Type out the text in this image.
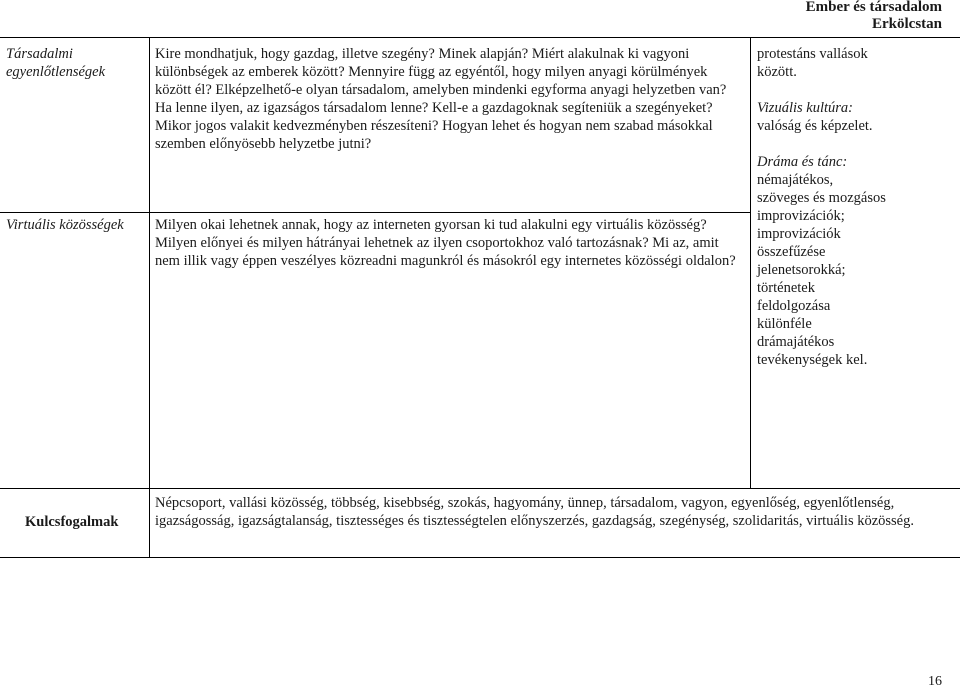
Ember és társadalom
Erkölcstan
Társadalmi egyenlőtlenségek
Kire mondhatjuk, hogy gazdag, illetve szegény? Minek alapján? Miért alakulnak ki vagyoni különbségek az emberek között? Mennyire függ az egyéntől, hogy milyen anyagi körülmények között él? Elképzelhető-e olyan társadalom, amelyben mindenki egyforma anyagi helyzetben van? Ha lenne ilyen, az igazságos társadalom lenne? Kell-e a gazdagoknak segíteniük a szegényeket? Mikor jogos valakit kedvezményben részesíteni? Hogyan lehet és hogyan nem szabad másokkal szemben előnyösebb helyzetbe jutni?
Virtuális közösségek	Milyen okai lehetnek annak, hogy az interneten gyorsan ki tud alakulni egy virtuális közösség? Milyen előnyei és milyen hátrányai lehetnek az ilyen csoportokhoz való tartozásnak? Mi az, amit nem illik vagy éppen veszélyes közreadni magunkról és másokról egy internetes közösségi oldalon?
protestáns vallások között.
Vizuális kultúra:
valóság és képzelet.
Dráma és tánc:
némajátékos, szöveges és mozgásos improvizációk; improvizációk összefűzése jelenetsorokká; történetek feldolgozása különféle drámajátékos tevékenységek kel.
Kulcsfogalmak
Népcsoport, vallási közösség, többség, kisebbség, szokás, hagyomány, ünnep, társadalom, vagyon, egyenlőség, egyenlőtlenség, igazságosság, igazságtalanság, tisztességes és tisztességtelen előnyszerzés, gazdagság, szegénység, szolidaritás, virtuális közösség.
16
